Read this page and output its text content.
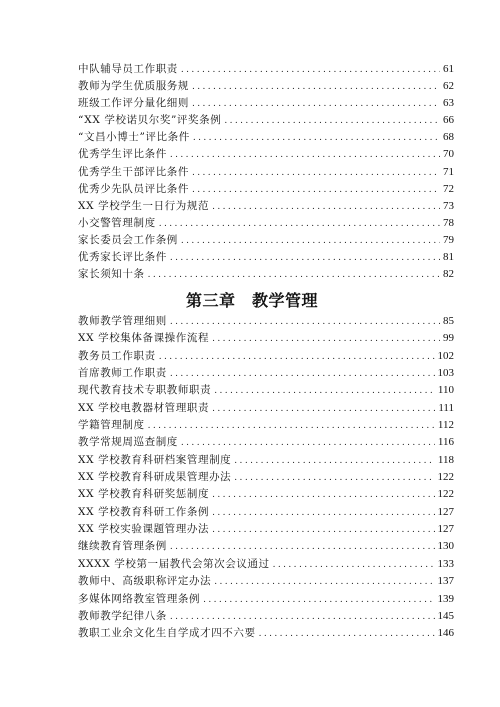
中队辅导员工作职责 .....	61
教师为学生优质服务规 .....	62
班级工作评分量化细则 .....	63
“XX 学校诺贝尔奖”评奖条例 .....	66
“文昌小博士”评比条件 .....	68
优秀学生评比条件 .....	70
优秀学生干部评比条件 .....	71
优秀少先队员评比条件 .....	72
XX 学校学生一日行为规范 .....	73
小交警管理制度 .....	78
家长委员会工作条例 .....	79
优秀家长评比条件 .....	81
家长须知十条 .....	82
第三章　教学管理
教师教学管理细则 .....	85
XX 学校集体备课操作流程 .....	99
教务员工作职责 .....	102
首席教师工作职责 .....	103
现代教育技术专职教师职责 .....	110
XX 学校电教器材管理职责 .....	111
学籍管理制度 .....	112
教学常规周巡查制度 .....	116
XX 学校教育科研档案管理制度 .....	118
XX 学校教育科研成果管理办法 .....	122
XX 学校教育科研奖惩制度 .....	122
XX 学校教育科研工作条例 .....	127
XX 学校实验课题管理办法 .....	127
继续教育管理条例 .....	130
XXXX 学校第一届教代会第次会议通过 .....	133
教师中、高级职称评定办法 .....	137
多媒体网络教室管理条例 .....	139
教师教学纪律八条 .....	145
教职工业余文化生自学成才四不六要 .....	146
